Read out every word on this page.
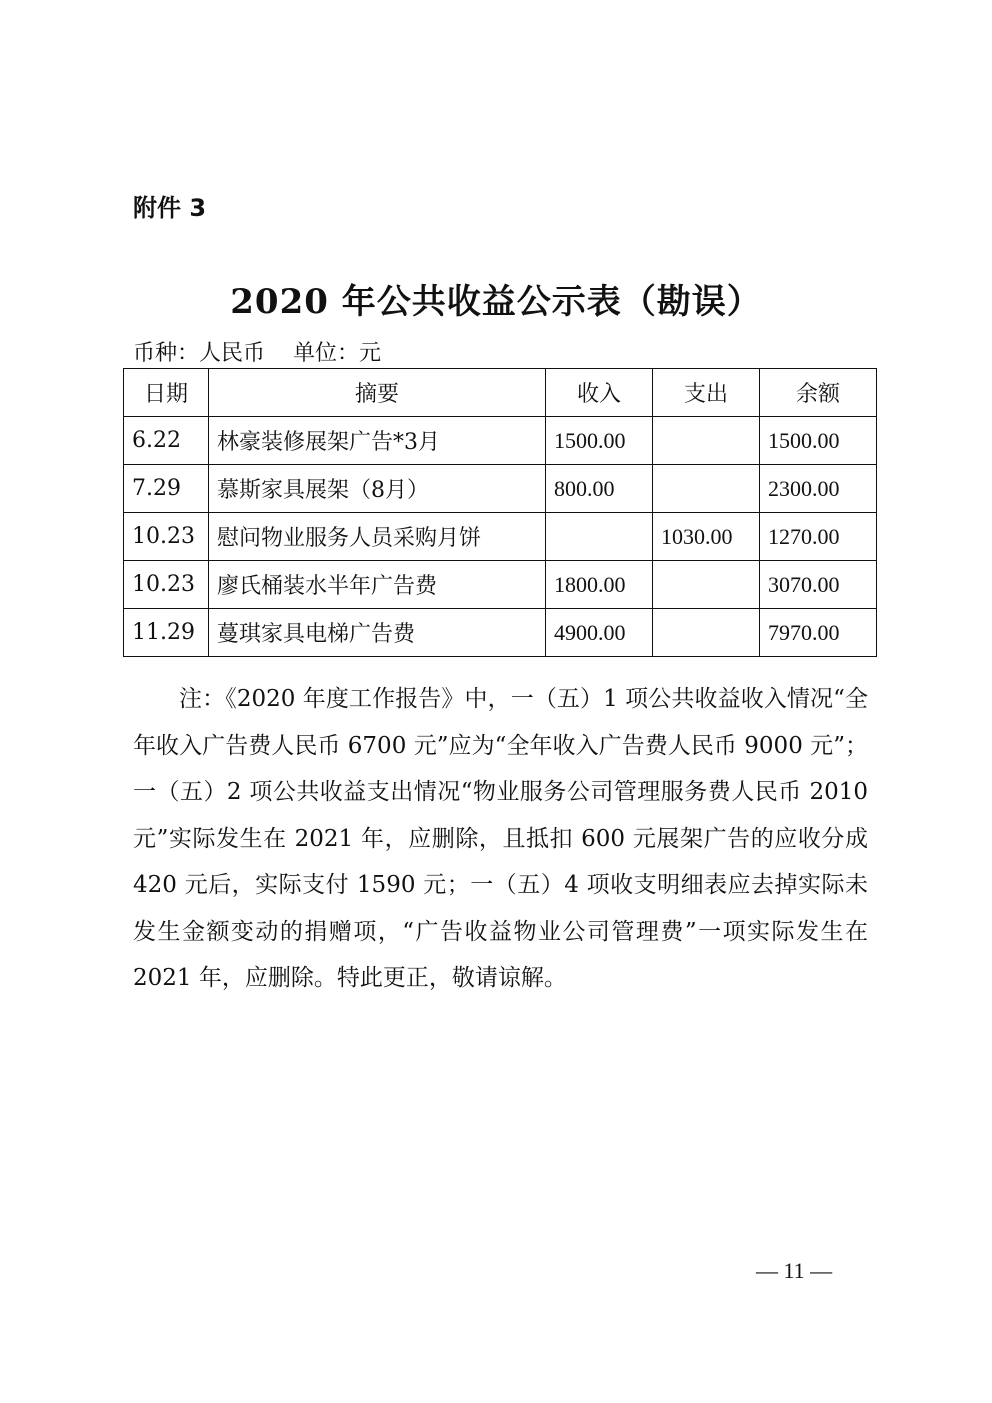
附件 3
2020 年公共收益公示表（勘误）
币种：人民币 单位：元
日期	摘要	收入	支出	余额
6.22	林豪装修展架广告*3月	1500.00		1500.00
7.29	慕斯家具展架（8月）	800.00		2300.00
10.23	慰问物业服务人员采购月饼		1030.00	1270.00
10.23	廖氏桶装水半年广告费	1800.00		3070.00
11.29	蔓琪家具电梯广告费	4900.00		7970.00
注：《2020 年度工作报告》中，一（五）1 项公共收益收入情况“全年收入广告费人民币 6700 元”应为“全年收入广告费人民币 9000 元”；一（五）2 项公共收益支出情况“物业服务公司管理服务费人民币 2010 元”实际发生在 2021 年，应删除，且抵扣 600 元展架广告的应收分成 420 元后，实际支付 1590 元；一（五）4 项收支明细表应去掉实际未发生金额变动的捐赠项，“广告收益物业公司管理费”一项实际发生在 2021 年，应删除。特此更正，敬请谅解。
— 11 —
